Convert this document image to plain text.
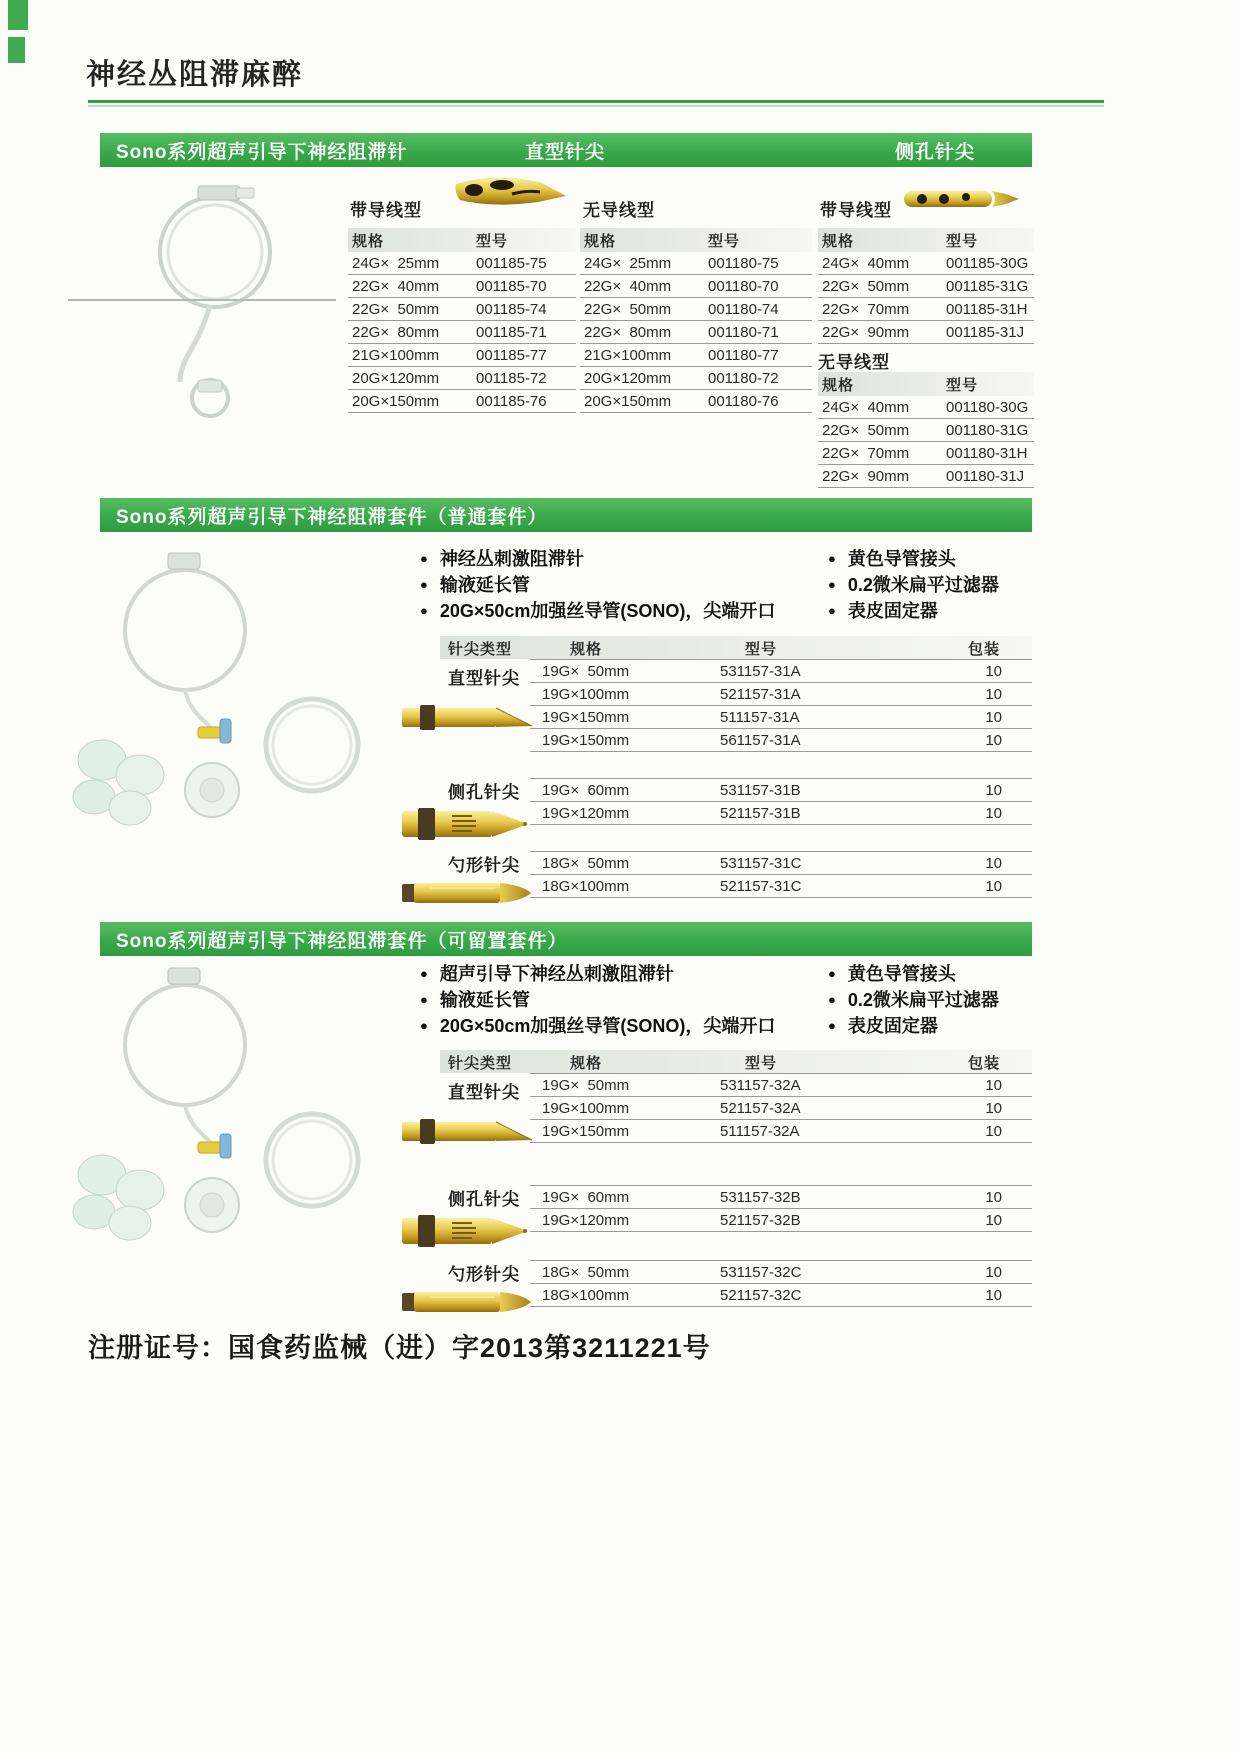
神经丛阻滞麻醉
Sono系列超声引导下神经阻滞针	直型针尖	侧孔针尖
带导线型
规格	型号
24G×  25mm	001185-75
22G×  40mm	001185-70
22G×  50mm	001185-74
22G×  80mm	001185-71
21G×100mm	001185-77
20G×120mm	001185-72
20G×150mm	001185-76
无导线型
规格	型号
24G×  25mm	001180-75
22G×  40mm	001180-70
22G×  50mm	001180-74
22G×  80mm	001180-71
21G×100mm	001180-77
20G×120mm	001180-72
20G×150mm	001180-76
带导线型
规格	型号
24G×  40mm	001185-30G
22G×  50mm	001185-31G
22G×  70mm	001185-31H
22G×  90mm	001185-31J
无导线型
规格	型号
24G×  40mm	001180-30G
22G×  50mm	001180-31G
22G×  70mm	001180-31H
22G×  90mm	001180-31J
Sono系列超声引导下神经阻滞套件（普通套件）
● 神经丛刺激阻滞针
● 输液延长管
● 20G×50cm加强丝导管(SONO)，尖端开口
● 黄色导管接头
● 0.2微米扁平过滤器
● 表皮固定器
针尖类型	规格	型号	包装
直型针尖	19G×  50mm	531157-31A	10
19G×100mm	521157-31A	10
19G×150mm	511157-31A	10
19G×150mm	561157-31A	10
侧孔针尖	19G×  60mm	531157-31B	10
19G×120mm	521157-31B	10
勺形针尖	18G×  50mm	531157-31C	10
18G×100mm	521157-31C	10
Sono系列超声引导下神经阻滞套件（可留置套件）
● 超声引导下神经丛刺激阻滞针
● 输液延长管
● 20G×50cm加强丝导管(SONO)，尖端开口
● 黄色导管接头
● 0.2微米扁平过滤器
● 表皮固定器
针尖类型	规格	型号	包装
直型针尖	19G×  50mm	531157-32A	10
19G×100mm	521157-32A	10
19G×150mm	511157-32A	10
侧孔针尖	19G×  60mm	531157-32B	10
19G×120mm	521157-32B	10
勺形针尖	18G×  50mm	531157-32C	10
18G×100mm	521157-32C	10
注册证号：国食药监械（进）字2013第3211221号
